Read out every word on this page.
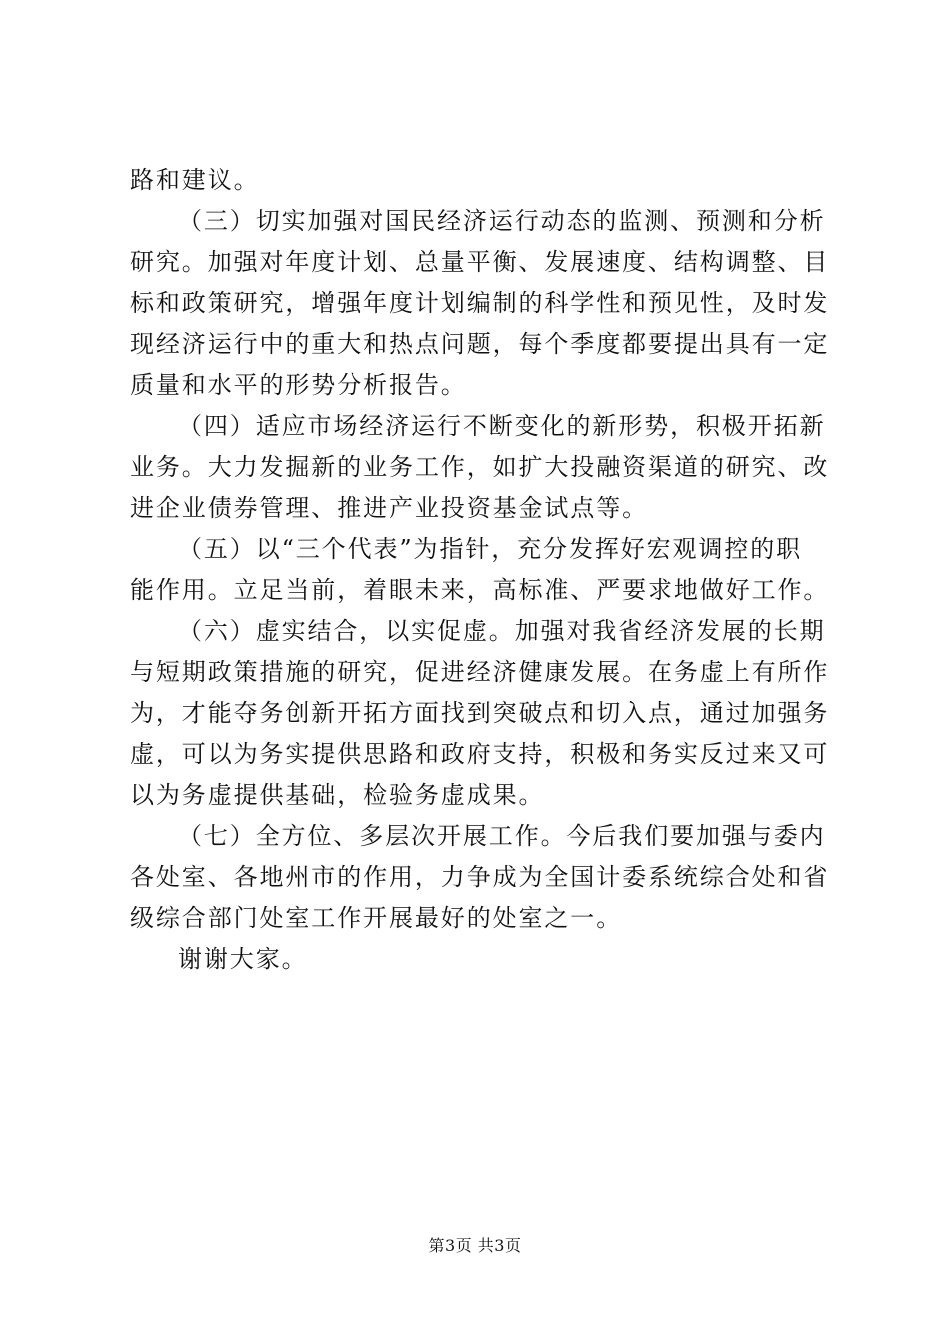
路和建议。
（三）切实加强对国民经济运行动态的监测、预测和分析
研究。加强对年度计划、总量平衡、发展速度、结构调整、目
标和政策研究，增强年度计划编制的科学性和预见性，及时发
现经济运行中的重大和热点问题，每个季度都要提出具有一定
质量和水平的形势分析报告。
（四）适应市场经济运行不断变化的新形势，积极开拓新
业务。大力发掘新的业务工作，如扩大投融资渠道的研究、改
进企业债券管理、推进产业投资基金试点等。
（五）以“三个代表”为指针，充分发挥好宏观调控的职
能作用。立足当前，着眼未来，高标准、严要求地做好工作。
（六）虚实结合，以实促虚。加强对我省经济发展的长期
与短期政策措施的研究，促进经济健康发展。在务虚上有所作
为，才能夺务创新开拓方面找到突破点和切入点，通过加强务
虚，可以为务实提供思路和政府支持，积极和务实反过来又可
以为务虚提供基础，检验务虚成果。
（七）全方位、多层次开展工作。今后我们要加强与委内
各处室、各地州市的作用，力争成为全国计委系统综合处和省
级综合部门处室工作开展最好的处室之一。
谢谢大家。
第3页 共3页
